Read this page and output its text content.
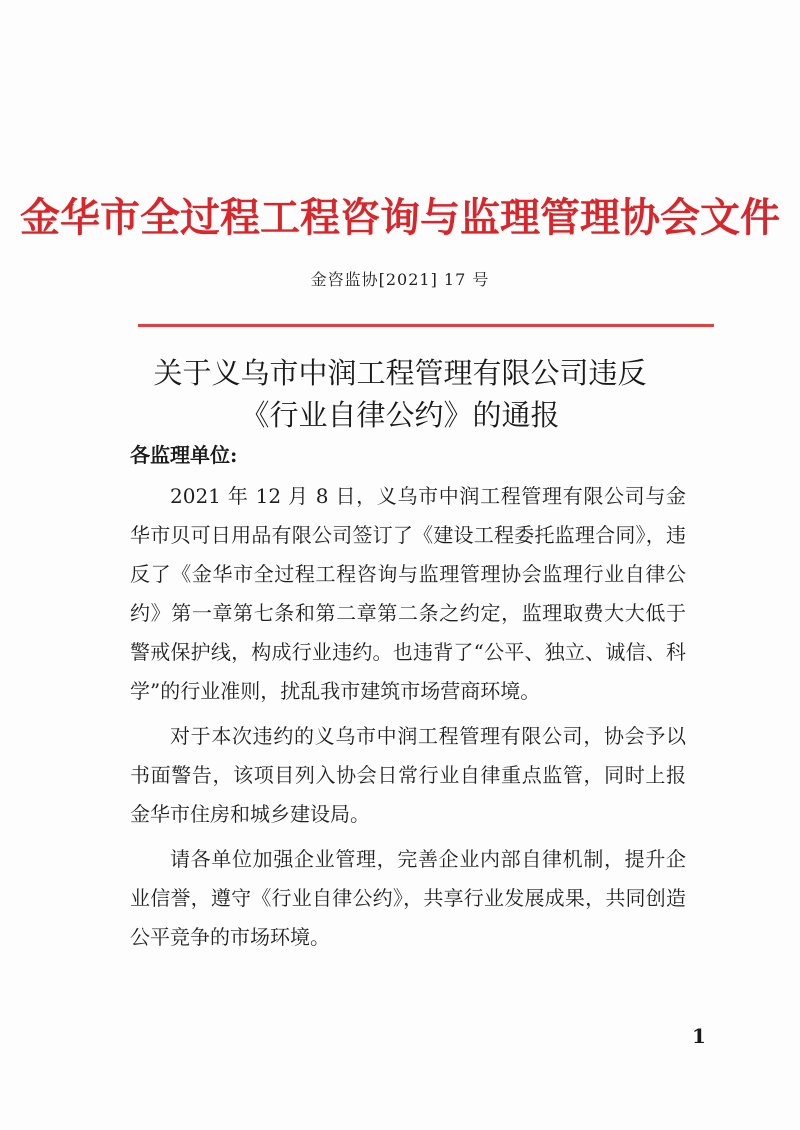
金华市全过程工程咨询与监理管理协会文件
金咨监协[2021] 17 号
关于义乌市中润工程管理有限公司违反
《行业自律公约》的通报
各监理单位:

2021 年 12 月 8 日，义乌市中润工程管理有限公司与金华市贝可日用品有限公司签订了《建设工程委托监理合同》，违反了《金华市全过程工程咨询与监理管理协会监理行业自律公约》第一章第七条和第二章第二条之约定，监理取费大大低于警戒保护线，构成行业违约。也违背了“公平、独立、诚信、科学”的行业准则，扰乱我市建筑市场营商环境。

对于本次违约的义乌市中润工程管理有限公司，协会予以书面警告，该项目列入协会日常行业自律重点监管，同时上报金华市住房和城乡建设局。

请各单位加强企业管理，完善企业内部自律机制，提升企业信誉，遵守《行业自律公约》，共享行业发展成果，共同创造公平竞争的市场环境。

1
